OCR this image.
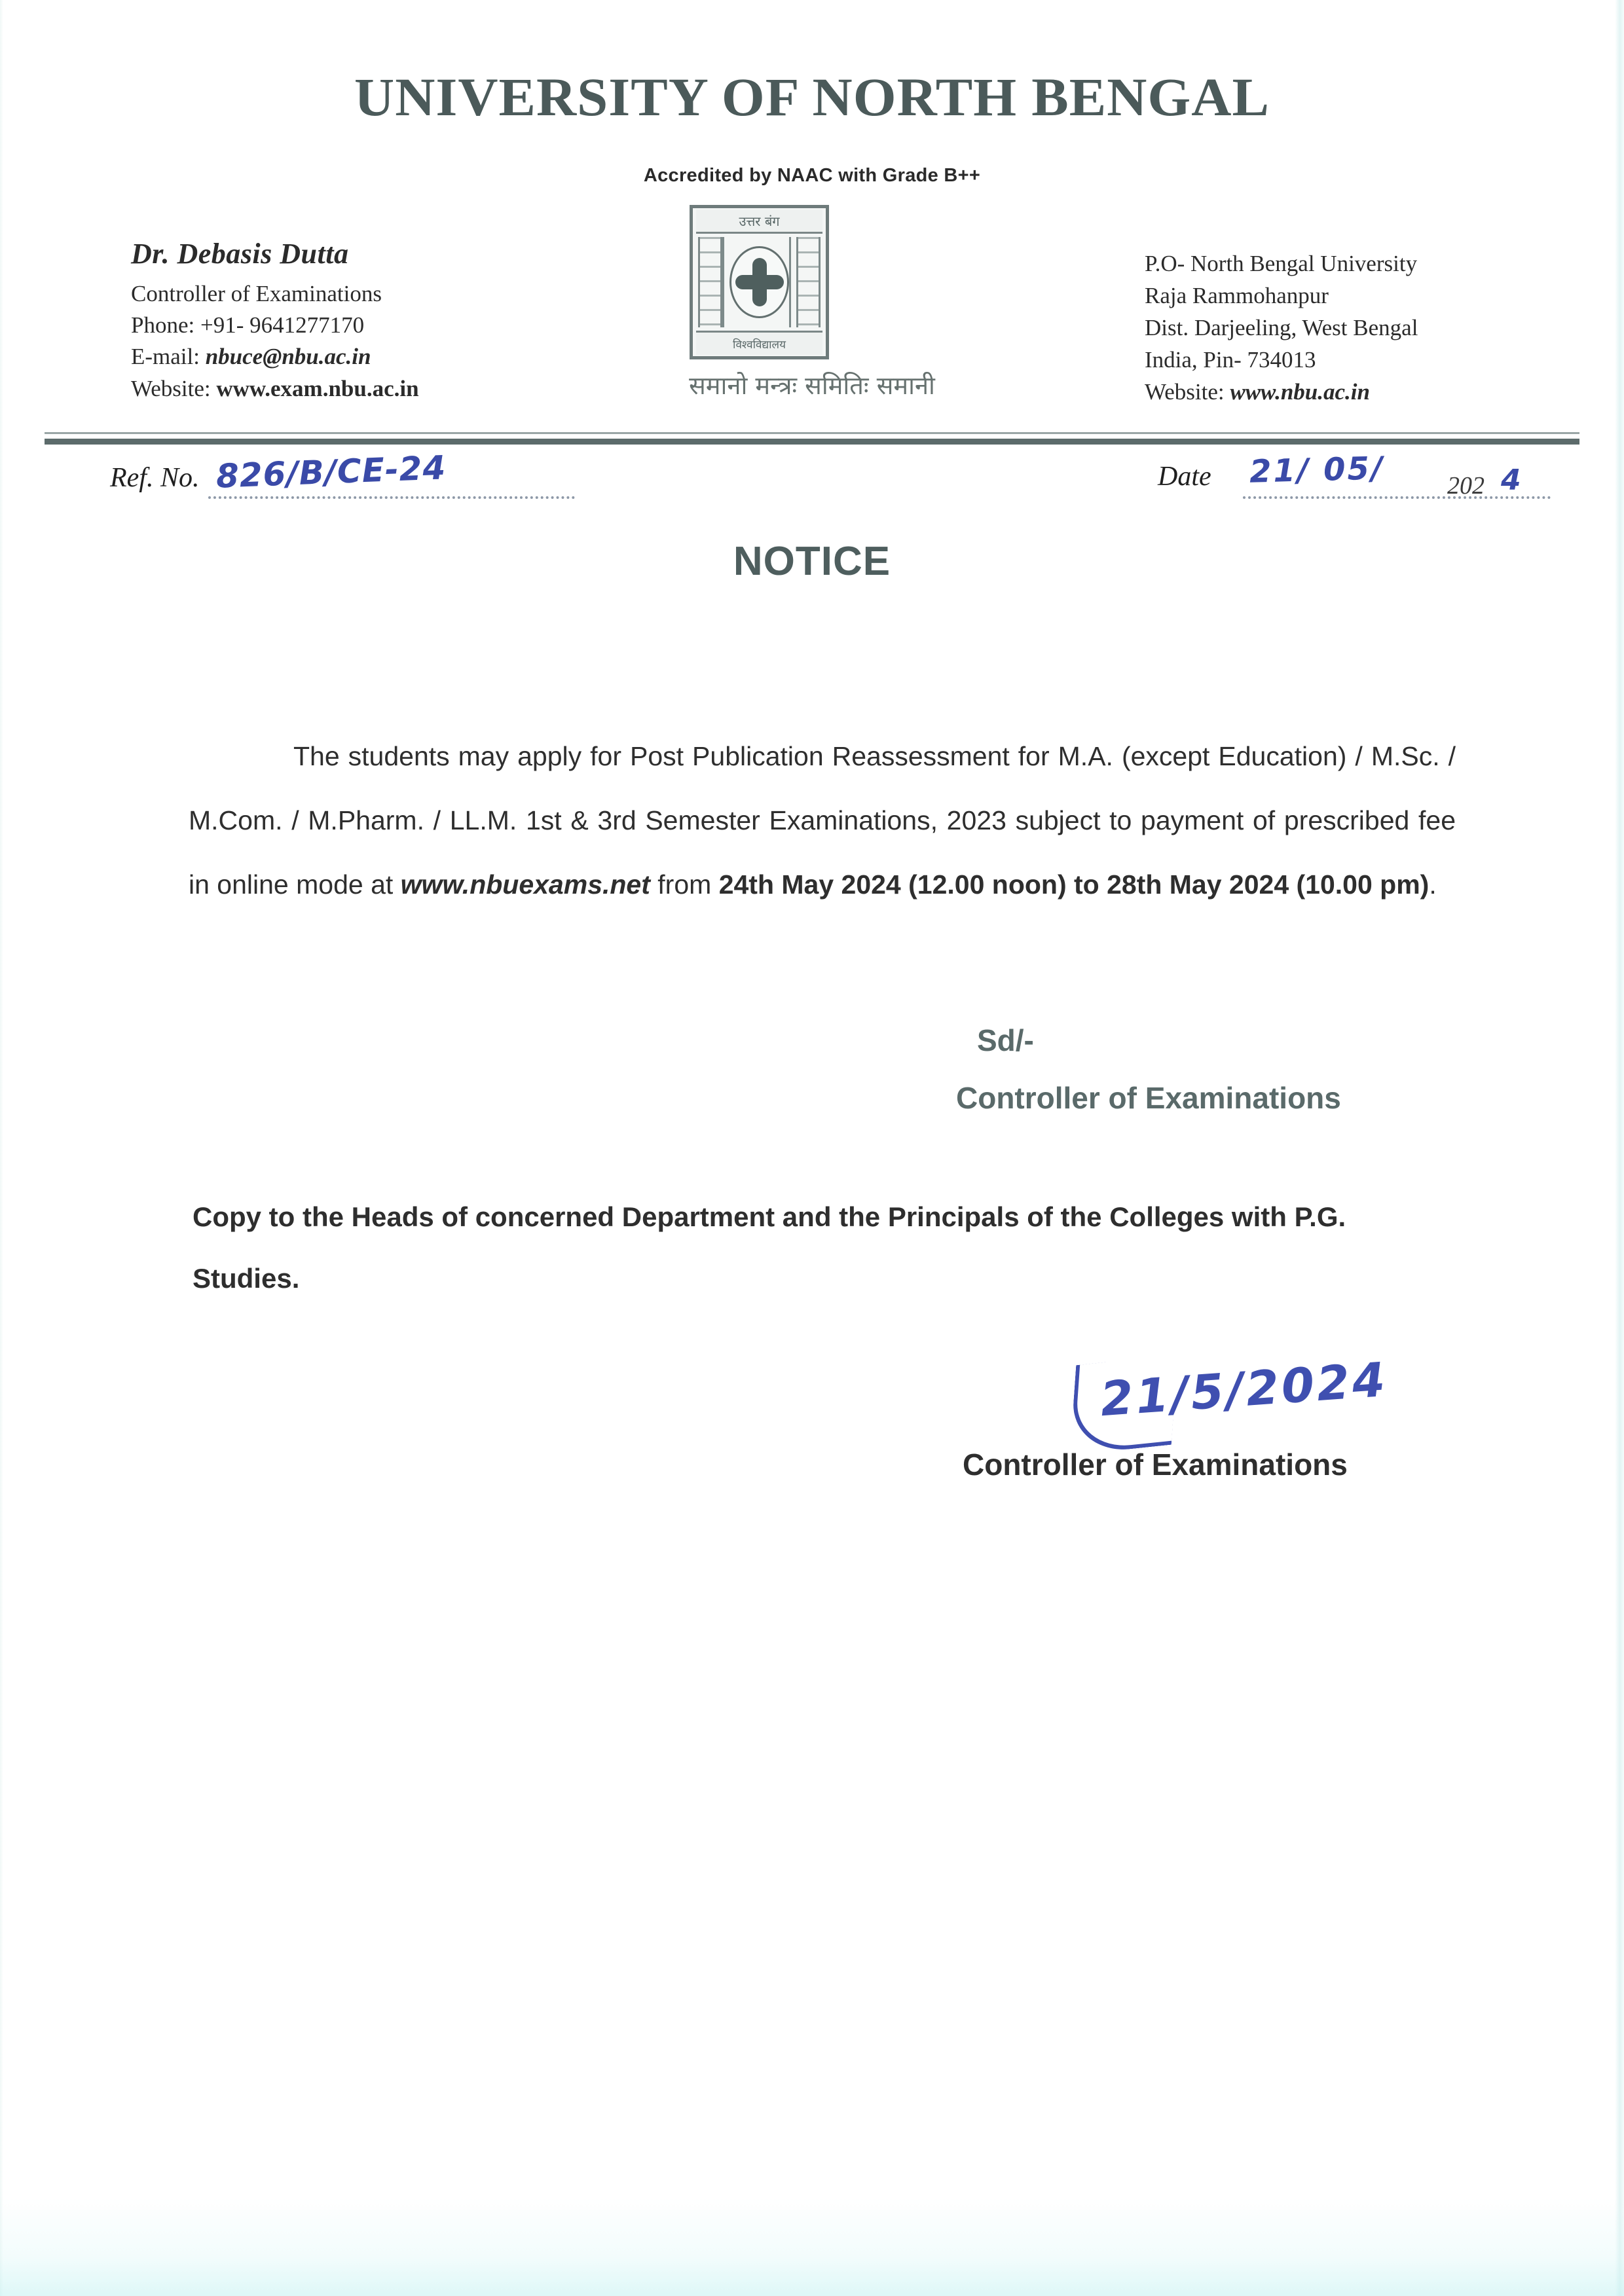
UNIVERSITY OF NORTH BENGAL
Accredited by NAAC with Grade B++
उत्तर बंग
विश्वविद्यालय
समानो मन्त्रः समितिः समानी
Dr. Debasis Dutta
Controller of Examinations
Phone: +91- 9641277170
E-mail: nbuce@nbu.ac.in
Website: www.exam.nbu.ac.in
P.O- North Bengal University
Raja Rammohanpur
Dist. Darjeeling, West Bengal
India, Pin- 734013
Website: www.nbu.ac.in
Ref. No. 826/B/CE-24	Date 21/ 05/ 202 4
NOTICE

The students may apply for Post Publication Reassessment for M.A. (except Education) / M.Sc. / M.Com. / M.Pharm. / LL.M. 1st & 3rd Semester Examinations, 2023 subject to payment of prescribed fee in online mode at www.nbuexams.net from 24th May 2024 (12.00 noon) to 28th May 2024 (10.00 pm).

Sd/-
Controller of Examinations
Copy to the Heads of concerned Department and the Principals of the Colleges with P.G. Studies.
21/5/2024
Controller of Examinations
